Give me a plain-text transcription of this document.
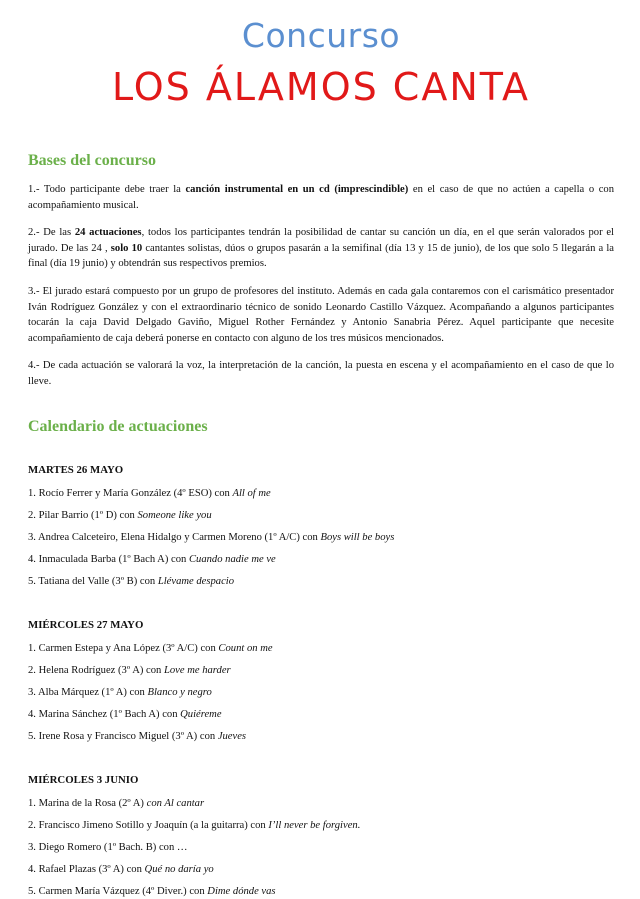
Concurso
LOS ÁLAMOS CANTA
Bases del concurso

1.- Todo participante debe traer la canción instrumental en un cd (imprescindible) en el caso de que no actúen a capella o con acompañamiento musical.

2.- De las 24 actuaciones, todos los participantes tendrán la posibilidad de cantar su canción un día, en el que serán valorados por el jurado. De las 24 , solo 10 cantantes solistas, dúos o grupos pasarán a la semifinal (día 13 y 15 de junio), de los que solo 5 llegarán a la final (día 19 junio) y obtendrán sus respectivos premios.

3.- El jurado estará compuesto por un grupo de profesores del instituto. Además en cada gala contaremos con el carismático presentador Iván Rodríguez González y con el extraordinario técnico de sonido Leonardo Castillo Vázquez. Acompañando a algunos participantes tocarán la caja David Delgado Gaviño, Miguel Rother Fernández y Antonio Sanabria Pérez. Aquel participante que necesite acompañamiento de caja deberá ponerse en contacto con alguno de los tres músicos mencionados.

4.- De cada actuación se valorará la voz, la interpretación de la canción, la puesta en escena y el acompañamiento en el caso de que lo lleve.

Calendario de actuaciones

MARTES 26 MAYO

1. Rocío Ferrer y María González (4º ESO) con All of me

2. Pilar Barrio (1º D) con Someone like you

3. Andrea Calceteiro, Elena Hidalgo y Carmen Moreno (1º A/C) con Boys will be boys

4. Inmaculada Barba (1º Bach A) con Cuando nadie me ve

5. Tatiana del Valle (3º B) con Llévame despacio

MIÉRCOLES 27 MAYO

1. Carmen Estepa y Ana López (3º A/C) con Count on me

2. Helena Rodríguez (3º A) con Love me harder

3. Alba Márquez (1º A) con Blanco y negro

4. Marina Sánchez (1º Bach A) con Quiéreme

5. Irene Rosa y Francisco Miguel (3º A) con Jueves

MIÉRCOLES 3 JUNIO

1. Marina de la Rosa (2º A) con Al cantar

2. Francisco Jimeno Sotillo y Joaquín (a la guitarra) con I’ll never be forgiven.

3. Diego Romero (1º Bach. B) con …

4. Rafael Plazas (3º A) con Qué no daría yo

5. Carmen María Vázquez (4º Diver.) con Dime dónde vas
